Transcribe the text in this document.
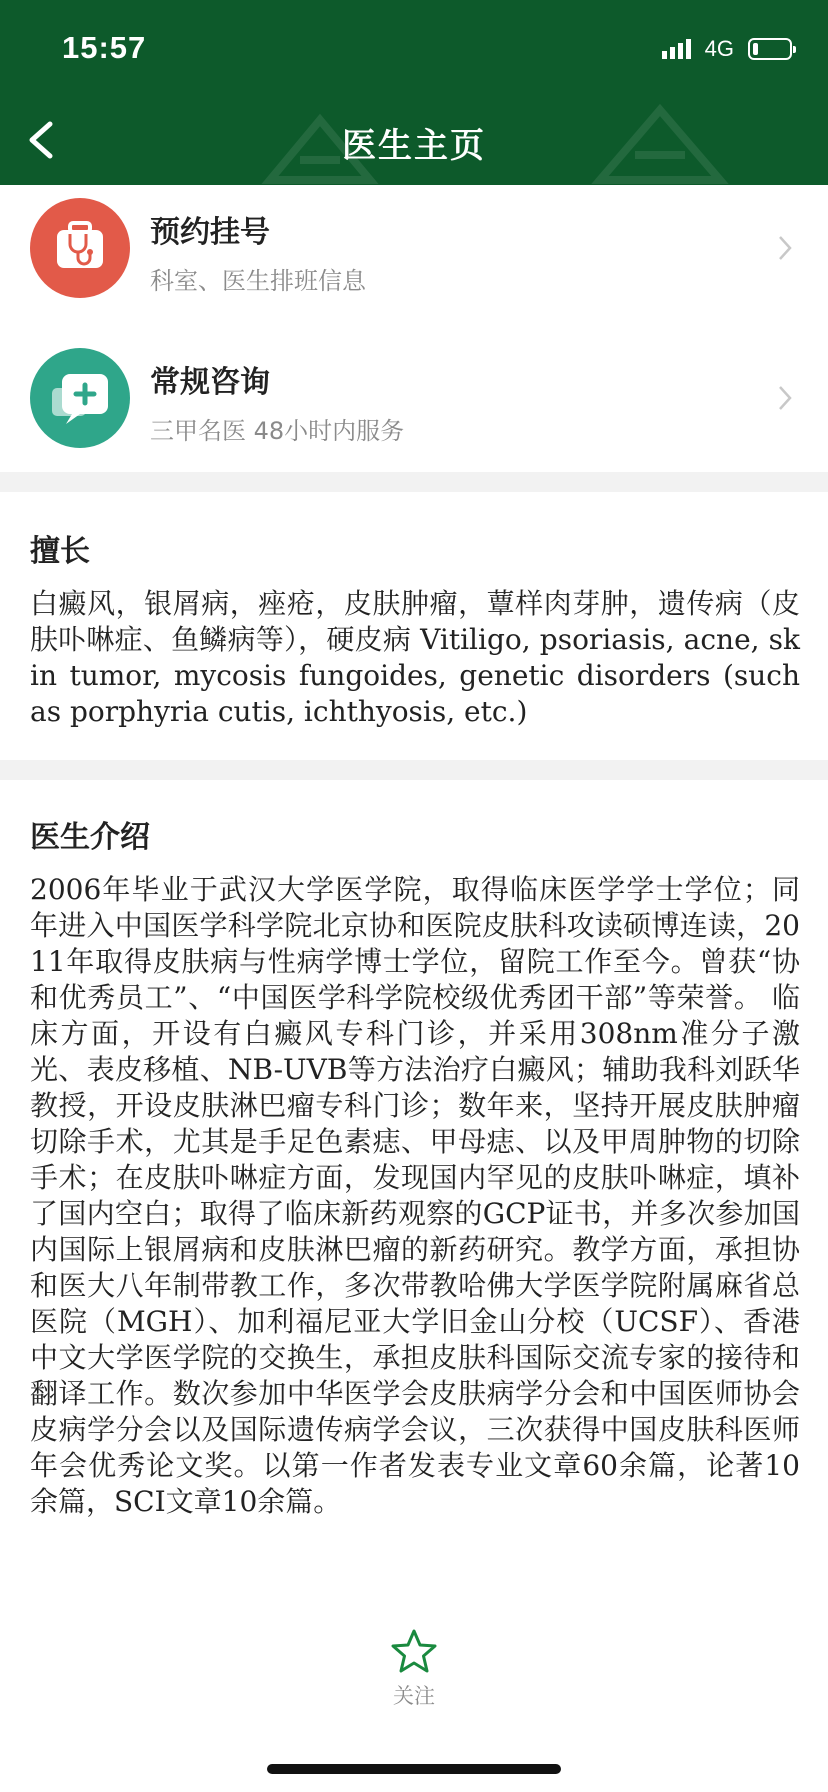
15:57	4G
医生主页
预约挂号
科室、医生排班信息
常规咨询
三甲名医 48小时内服务
擅长
白癜风，银屑病，痤疮，皮肤肿瘤，蕈样肉芽肿，遗传病（皮肤卟啉症、鱼鳞病等），硬皮病 Vitiligo, psoriasis, acne, skin tumor, mycosis fungoides, genetic disorders (such as porphyria cutis, ichthyosis, etc.)
医生介绍
2006年毕业于武汉大学医学院，取得临床医学学士学位；同年进入中国医学科学院北京协和医院皮肤科攻读硕博连读，2011年取得皮肤病与性病学博士学位，留院工作至今。曾获“协和优秀员工”、“中国医学科学院校级优秀团干部”等荣誉。 临床方面，开设有白癜风专科门诊，并采用308nm准分子激光、表皮移植、NB-UVB等方法治疗白癜风；辅助我科刘跃华教授，开设皮肤淋巴瘤专科门诊；数年来，坚持开展皮肤肿瘤切除手术，尤其是手足色素痣、甲母痣、以及甲周肿物的切除手术；在皮肤卟啉症方面，发现国内罕见的皮肤卟啉症，填补了国内空白；取得了临床新药观察的GCP证书，并多次参加国内国际上银屑病和皮肤淋巴瘤的新药研究。教学方面，承担协和医大八年制带教工作，多次带教哈佛大学医学院附属麻省总医院（MGH）、加利福尼亚大学旧金山分校（UCSF）、香港中文大学医学院的交换生，承担皮肤科国际交流专家的接待和翻译工作。数次参加中华医学会皮肤病学分会和中国医师协会皮病学分会以及国际遗传病学会议，三次获得中国皮肤科医师年会优秀论文奖。以第一作者发表专业文章60余篇，论著10余篇，SCI文章10余篇。
关注
